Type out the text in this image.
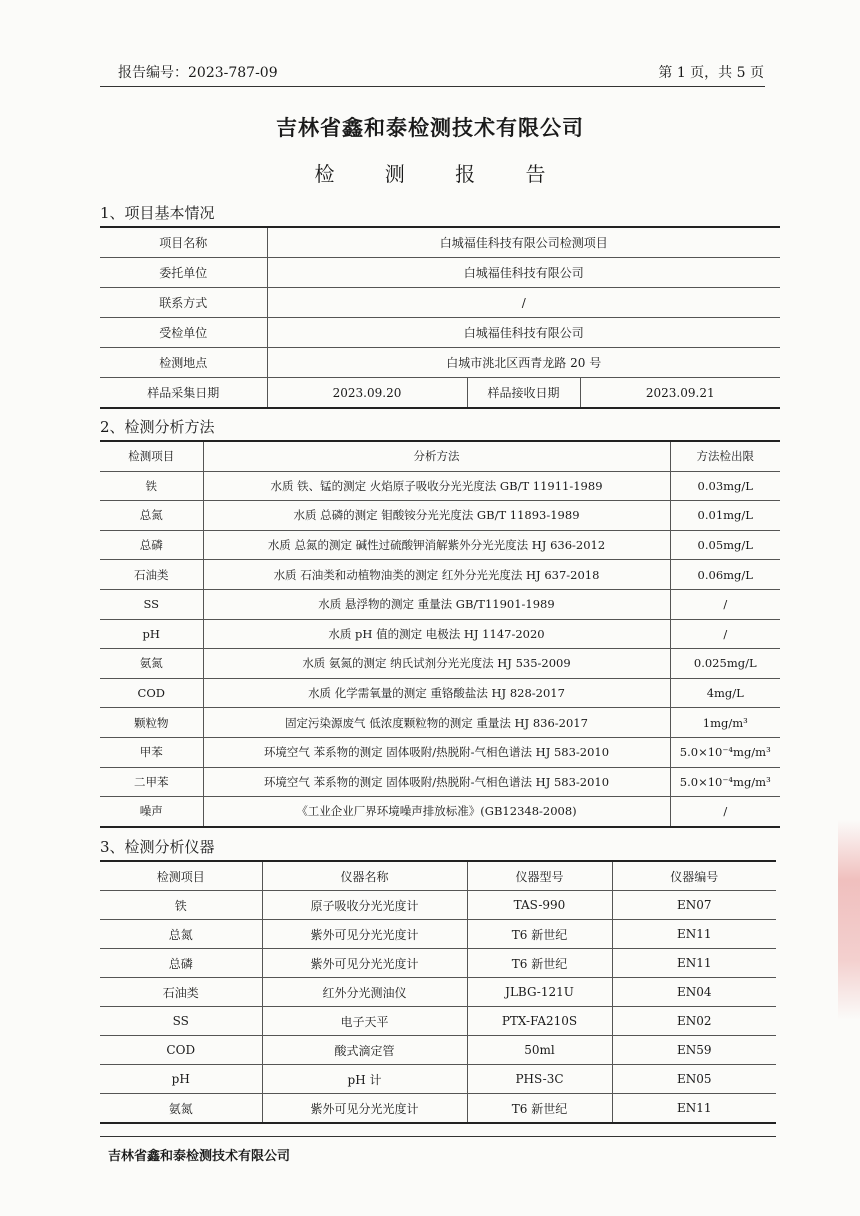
报告编号：2023-787-09	第 1 页，共 5 页
吉林省鑫和泰检测技术有限公司
检 测 报 告
1、项目基本情况
项目名称	白城福佳科技有限公司检测项目		
委托单位	白城福佳科技有限公司		
联系方式	/		
受检单位	白城福佳科技有限公司		
检测地点	白城市洮北区西青龙路 20 号		
样品采集日期	2023.09.20	样品接收日期	2023.09.21
2、检测分析方法
检测项目	分析方法	方法检出限
铁	水质 铁、锰的测定 火焰原子吸收分光光度法 GB/T 11911-1989	0.03mg/L
总氮	水质 总磷的测定 钼酸铵分光光度法 GB/T 11893-1989	0.01mg/L
总磷	水质 总氮的测定 碱性过硫酸钾消解紫外分光光度法 HJ 636-2012	0.05mg/L
石油类	水质 石油类和动植物油类的测定 红外分光光度法 HJ 637-2018	0.06mg/L
SS	水质 悬浮物的测定 重量法 GB/T11901-1989	/
pH	水质 pH 值的测定 电极法 HJ 1147-2020	/
氨氮	水质 氨氮的测定 纳氏试剂分光光度法 HJ 535-2009	0.025mg/L
COD	水质 化学需氧量的测定 重铬酸盐法 HJ 828-2017	4mg/L
颗粒物	固定污染源废气 低浓度颗粒物的测定 重量法 HJ 836-2017	1mg/m³
甲苯	环境空气 苯系物的测定 固体吸附/热脱附-气相色谱法 HJ 583-2010	5.0×10⁻⁴mg/m³
二甲苯	环境空气 苯系物的测定 固体吸附/热脱附-气相色谱法 HJ 583-2010	5.0×10⁻⁴mg/m³
噪声	《工业企业厂界环境噪声排放标准》(GB12348-2008)	/
3、检测分析仪器
检测项目	仪器名称	仪器型号	仪器编号
铁	原子吸收分光光度计	TAS-990	EN07
总氮	紫外可见分光光度计	T6 新世纪	EN11
总磷	紫外可见分光光度计	T6 新世纪	EN11
石油类	红外分光测油仪	JLBG-121U	EN04
SS	电子天平	PTX-FA210S	EN02
COD	酸式滴定管	50ml	EN59
pH	pH 计	PHS-3C	EN05
氨氮	紫外可见分光光度计	T6 新世纪	EN11
吉林省鑫和泰检测技术有限公司
